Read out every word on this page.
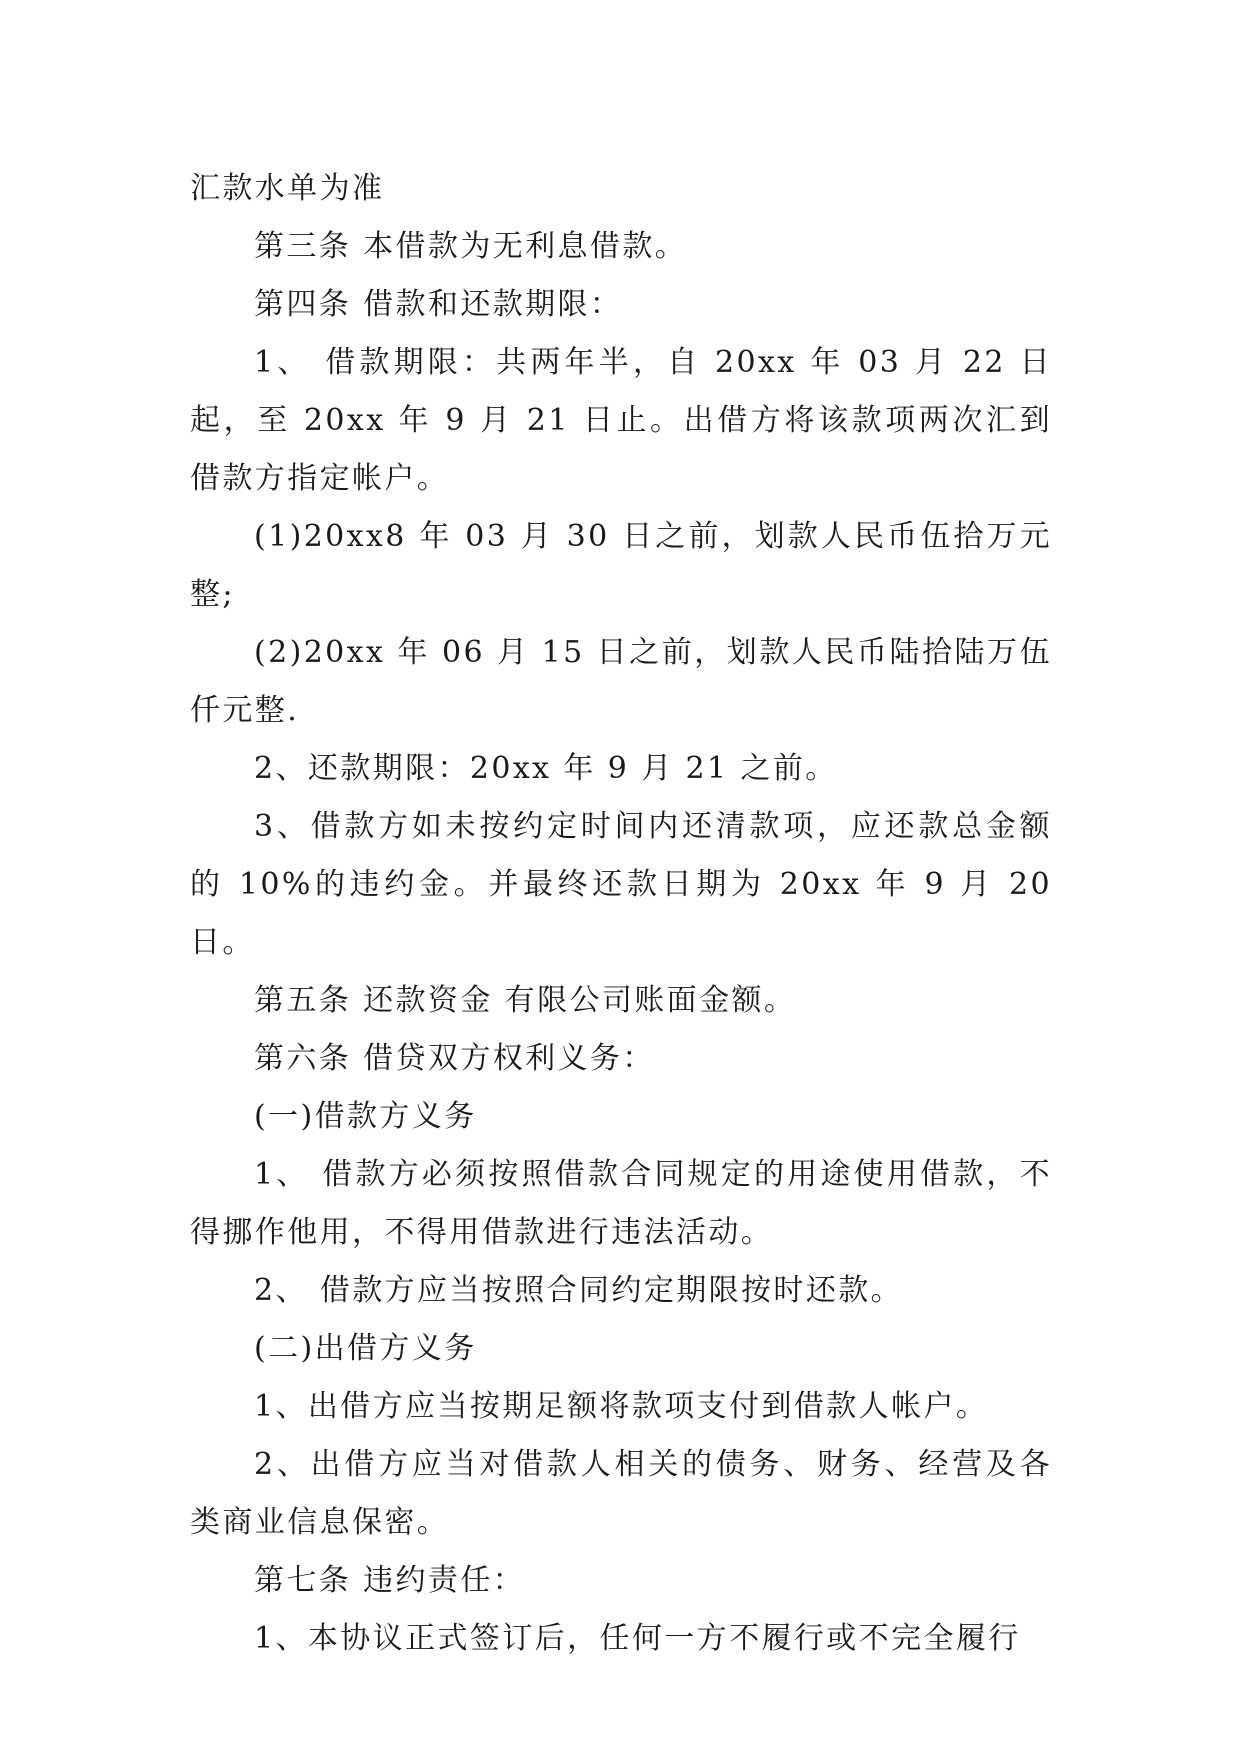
汇款水单为准

第三条 本借款为无利息借款。

第四条 借款和还款期限：

1、 借款期限：共两年半，自 20xx 年 03 月 22 日起，至 20xx 年 9 月 21 日止。出借方将该款项两次汇到借款方指定帐户。

(1)20xx8 年 03 月 30 日之前，划款人民币伍拾万元整;

(2)20xx 年 06 月 15 日之前，划款人民币陆拾陆万伍仟元整.

2、还款期限：20xx 年 9 月 21 之前。

3、借款方如未按约定时间内还清款项，应还款总金额的 10%的违约金。并最终还款日期为 20xx 年 9 月 20 日。

第五条 还款资金 有限公司账面金额。

第六条 借贷双方权利义务：

(一)借款方义务

1、 借款方必须按照借款合同规定的用途使用借款，不得挪作他用，不得用借款进行违法活动。

2、 借款方应当按照合同约定期限按时还款。

(二)出借方义务

1、出借方应当按期足额将款项支付到借款人帐户。

2、出借方应当对借款人相关的债务、财务、经营及各类商业信息保密。

第七条 违约责任：

1、本协议正式签订后，任何一方不履行或不完全履行
